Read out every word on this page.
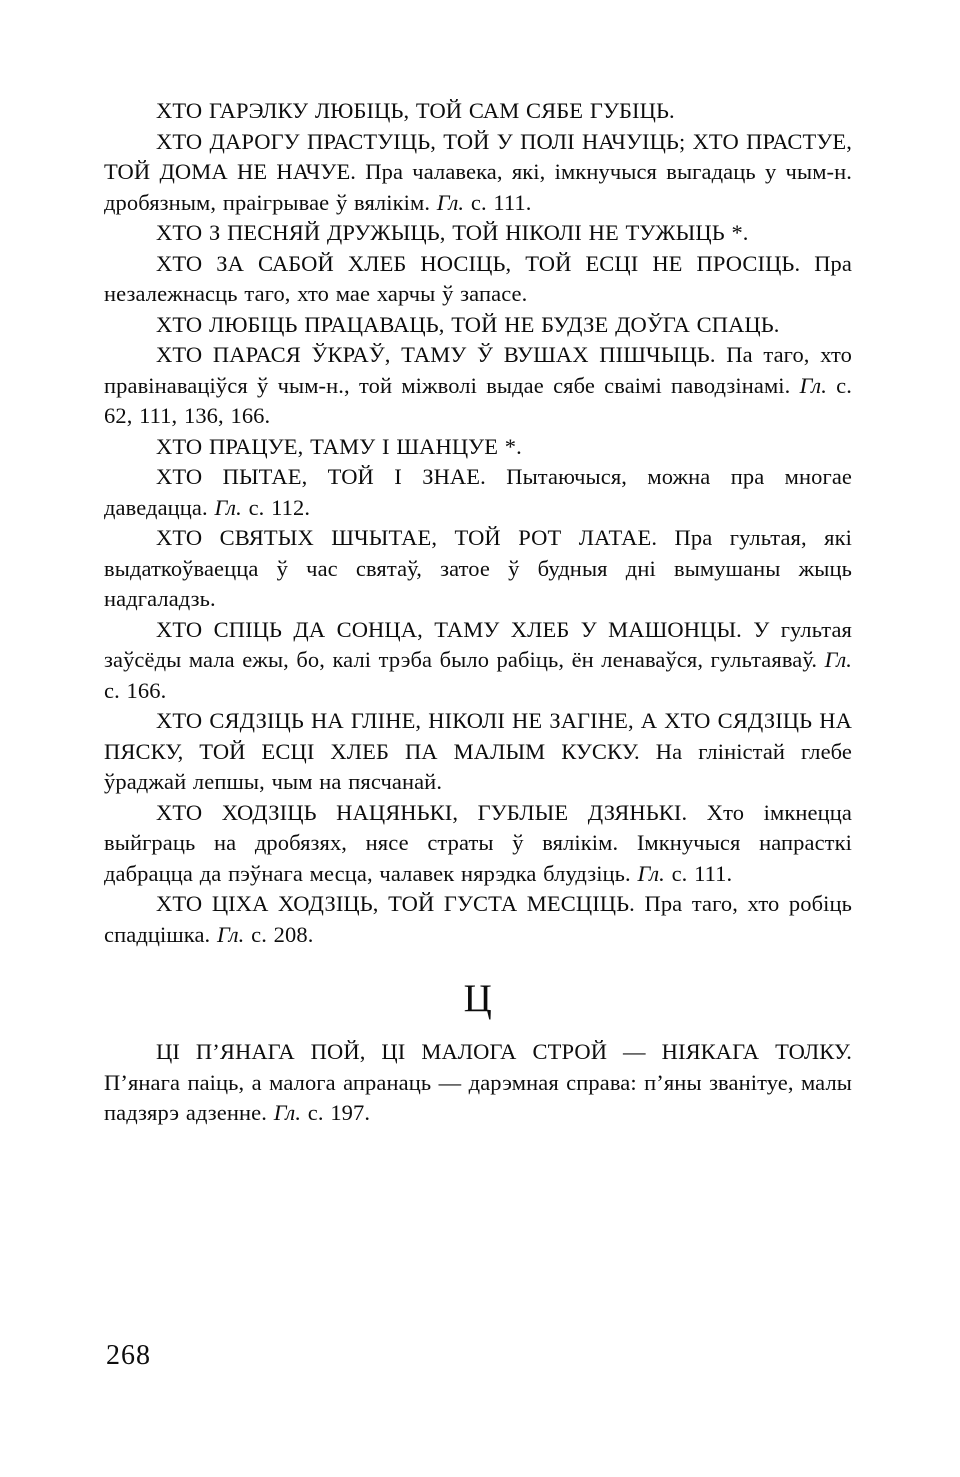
ХТО ГАРЭЛКУ ЛЮБІЦЬ, ТОЙ САМ СЯБЕ ГУБІЦЬ.

ХТО ДАРОГУ ПРАСТУІЦЬ, ТОЙ У ПОЛІ НАЧУІЦЬ; ХТО ПРАСТУЕ, ТОЙ ДОМА НЕ НАЧУЕ. Пра чалавека, які, імкнучыся выгадаць у чым-н. дробязным, праігрывае ў вялікім. Гл. с. 111.

ХТО З ПЕСНЯЙ ДРУЖЫЦЬ, ТОЙ НІКОЛІ НЕ ТУЖЫЦЬ *.

ХТО ЗА САБОЙ ХЛЕБ НОСІЦЬ, ТОЙ ЕСЦІ НЕ ПРОСІЦЬ. Пра незалежнасць таго, хто мае харчы ў запасе.

ХТО ЛЮБІЦЬ ПРАЦАВАЦЬ, ТОЙ НЕ БУДЗЕ ДОЎГА СПАЦЬ.

ХТО ПАРАСЯ ЎКРАЎ, ТАМУ Ў ВУШАХ ПІШЧЫЦЬ. Па таго, хто правінаваціўся ў чым-н., той міжволі выдае сябе сваімі паводзінамі. Гл. с. 62, 111, 136, 166.

ХТО ПРАЦУЕ, ТАМУ І ШАНЦУЕ *.

ХТО ПЫТАЕ, ТОЙ І ЗНАЕ. Пытаючыся, можна пра многае даведацца. Гл. с. 112.

ХТО СВЯТЫХ ШЧЫТАЕ, ТОЙ РОТ ЛАТАЕ. Пра гультая, які выдаткоўваецца ў час святаў, затое ў будныя дні вымушаны жыць надгаладзь.

ХТО СПІЦЬ ДА СОНЦА, ТАМУ ХЛЕБ У МАШОНЦЫ. У гультая заўсёды мала ежы, бо, калі трэба было рабіць, ён ленаваўся, гультаяваў. Гл. с. 166.

ХТО СЯДЗІЦЬ НА ГЛІНЕ, НІКОЛІ НЕ ЗАГІНЕ, А ХТО СЯДЗІЦЬ НА ПЯСКУ, ТОЙ ЕСЦІ ХЛЕБ ПА МАЛЫМ КУСКУ. На гліністай глебе ўраджай лепшы, чым на пясчанай.

ХТО ХОДЗІЦЬ НАЦЯНЬКІ, ГУБЛЫЕ ДЗЯНЬКІ. Хто імкнецца выйграць на дробязях, нясе страты ў вялікім. Імкнучыся напрасткі дабрацца да пэўнага месца, чалавек нярэдка блудзіць. Гл. с. 111.

ХТО ЦІХА ХОДЗІЦЬ, ТОЙ ГУСТА МЕСЦІЦЬ. Пра таго, хто робіць спадцішка. Гл. с. 208.

Ц

ЦІ П’ЯНАГА ПОЙ, ЦІ МАЛОГА СТРОЙ — НІЯКАГА ТОЛКУ. П’янага паіць, а малога апранаць — дарэмная справа: п’яны званітуе, малы падзярэ адзенне. Гл. с. 197.

268
